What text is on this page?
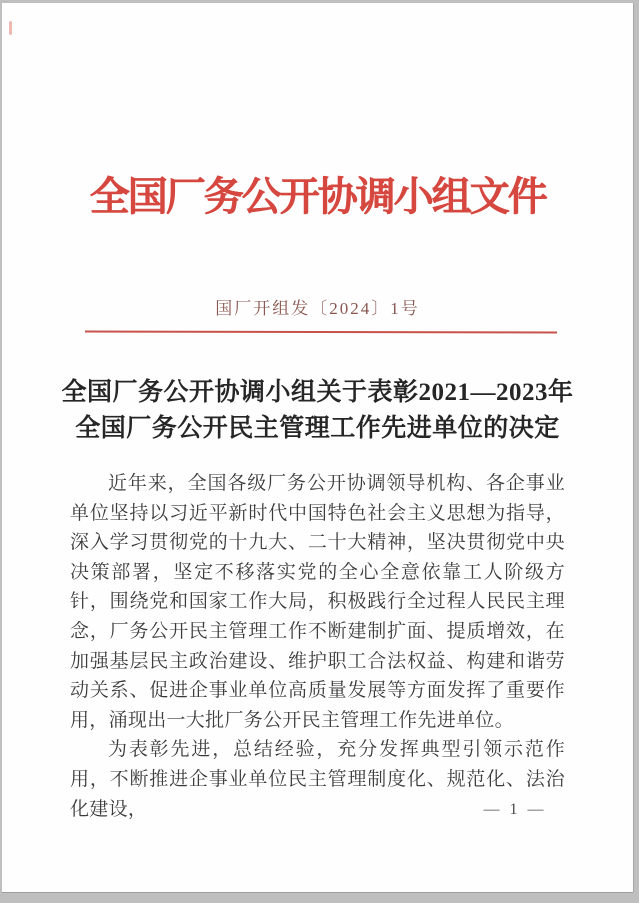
全国厂务公开协调小组文件
国厂开组发〔2024〕1号
全国厂务公开协调小组关于表彰2021—2023年
全国厂务公开民主管理工作先进单位的决定

近年来，全国各级厂务公开协调领导机构、各企事业单位坚持以习近平新时代中国特色社会主义思想为指导，深入学习贯彻党的十九大、二十大精神，坚决贯彻党中央决策部署，坚定不移落实党的全心全意依靠工人阶级方针，围绕党和国家工作大局，积极践行全过程人民民主理念，厂务公开民主管理工作不断建制扩面、提质增效，在加强基层民主政治建设、维护职工合法权益、构建和谐劳动关系、促进企事业单位高质量发展等方面发挥了重要作用，涌现出一大批厂务公开民主管理工作先进单位。

为表彰先进，总结经验，充分发挥典型引领示范作用，不断推进企事业单位民主管理制度化、规范化、法治化建设，	— 1 —
